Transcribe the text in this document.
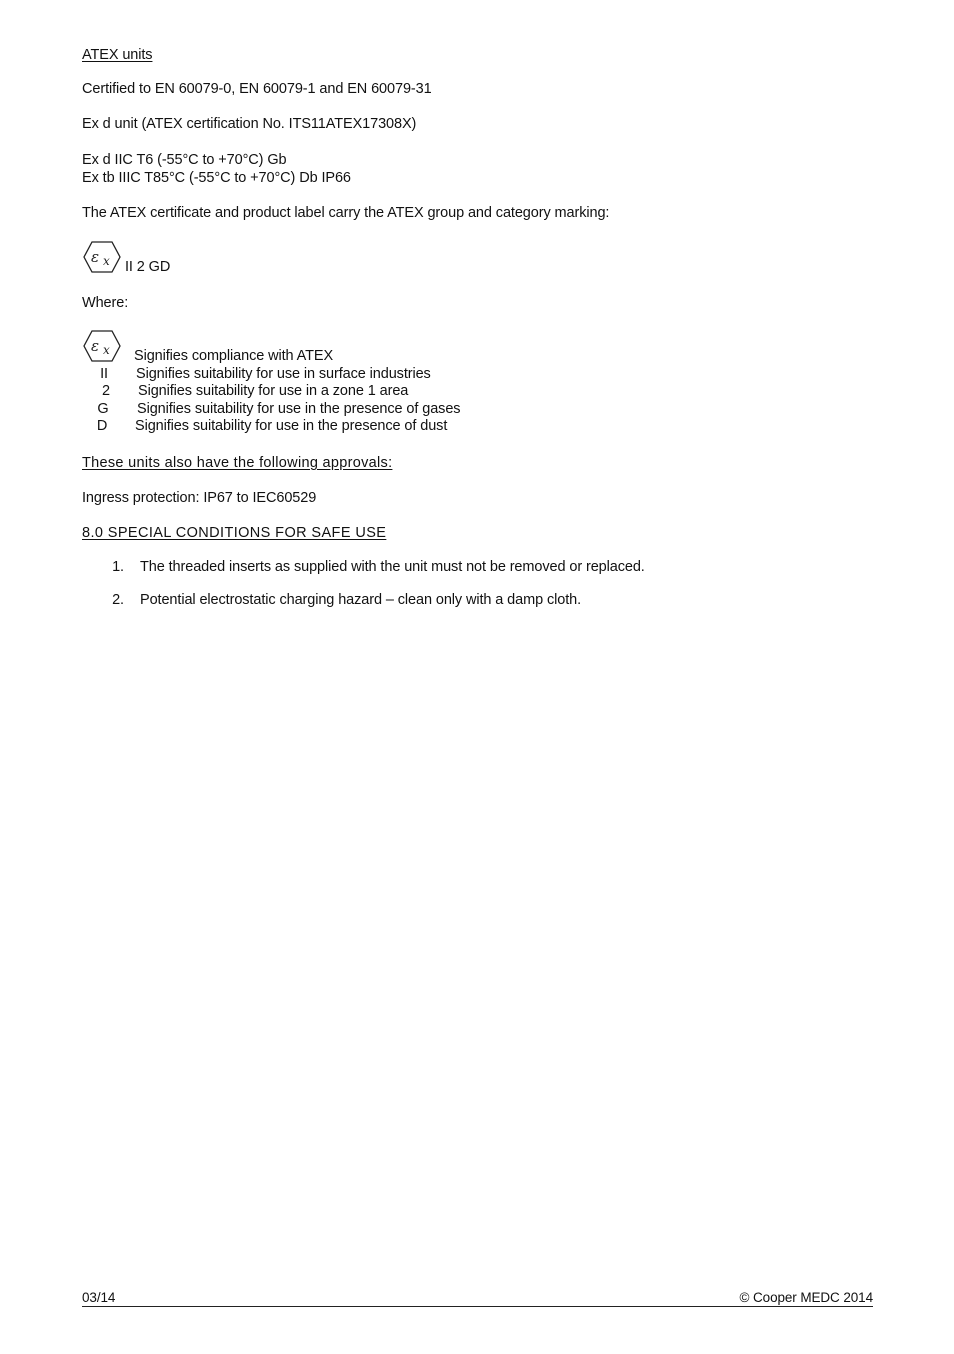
ATEX units
Certified to EN 60079-0, EN 60079-1 and EN 60079-31
Ex d unit (ATEX certification No. ITS11ATEX17308X)
Ex d IIC T6 (-55°C to +70°C) Gb
Ex tb IIIC T85°C (-55°C to +70°C) Db IP66
The ATEX certificate and product label carry the ATEX group and category marking:
ε x II 2 GD
Where:
ε x Signifies compliance with ATEX
II	Signifies suitability for use in surface industries
2	Signifies suitability for use in a zone 1 area
G	Signifies suitability for use in the presence of gases
D	Signifies suitability for use in the presence of dust
These units also have the following approvals:
Ingress protection: IP67 to IEC60529
8.0 SPECIAL CONDITIONS FOR SAFE USE
1. The threaded inserts as supplied with the unit must not be removed or replaced.
2. Potential electrostatic charging hazard – clean only with a damp cloth.
03/14	© Cooper MEDC 2014
